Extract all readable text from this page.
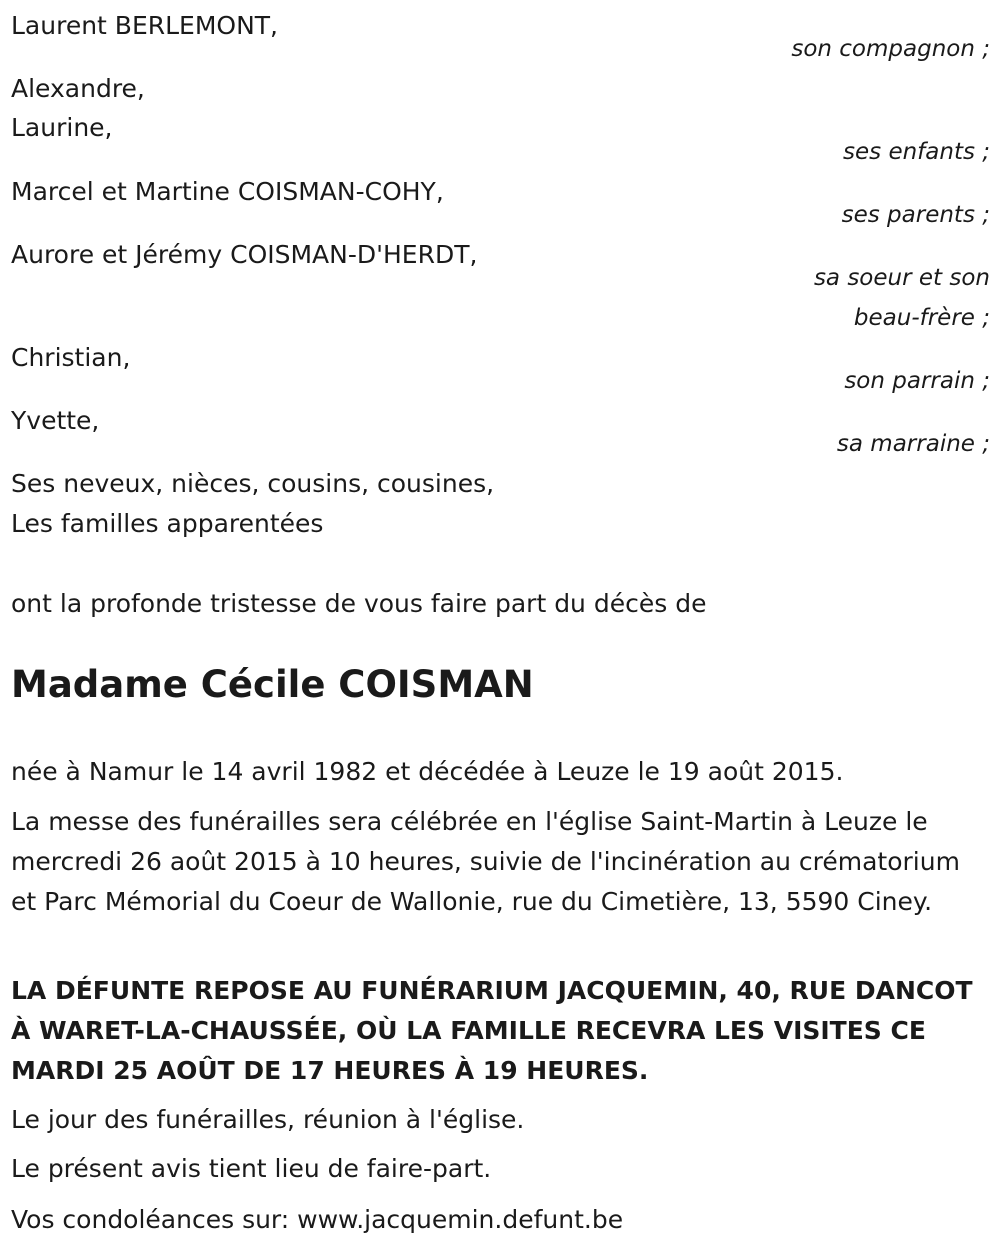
Laurent BERLEMONT,
son compagnon ;
Alexandre,
Laurine,
ses enfants ;
Marcel et Martine COISMAN-COHY,
ses parents ;
Aurore et Jérémy COISMAN-D'HERDT,
sa soeur et son
beau-frère ;
Christian,
son parrain ;
Yvette,
sa marraine ;
Ses neveux, nièces, cousins, cousines,
Les familles apparentées
ont la profonde tristesse de vous faire part du décès de
Madame Cécile COISMAN
née à Namur le 14 avril 1982 et décédée à Leuze le 19 août 2015.
La messe des funérailles sera célébrée en l'église Saint-Martin à Leuze le mercredi 26 août 2015 à 10 heures, suivie de l'incinération au crématorium et Parc Mémorial du Coeur de Wallonie, rue du Cimetière, 13, 5590 Ciney.
LA DÉFUNTE REPOSE AU FUNÉRARIUM JACQUEMIN, 40, RUE DANCOT À WARET-LA-CHAUSSÉE, OÙ LA FAMILLE RECEVRA LES VISITES CE MARDI 25 AOÛT DE 17 HEURES À 19 HEURES.
Le jour des funérailles, réunion à l'église.
Le présent avis tient lieu de faire-part.
Vos condoléances sur: www.jacquemin.defunt.be
